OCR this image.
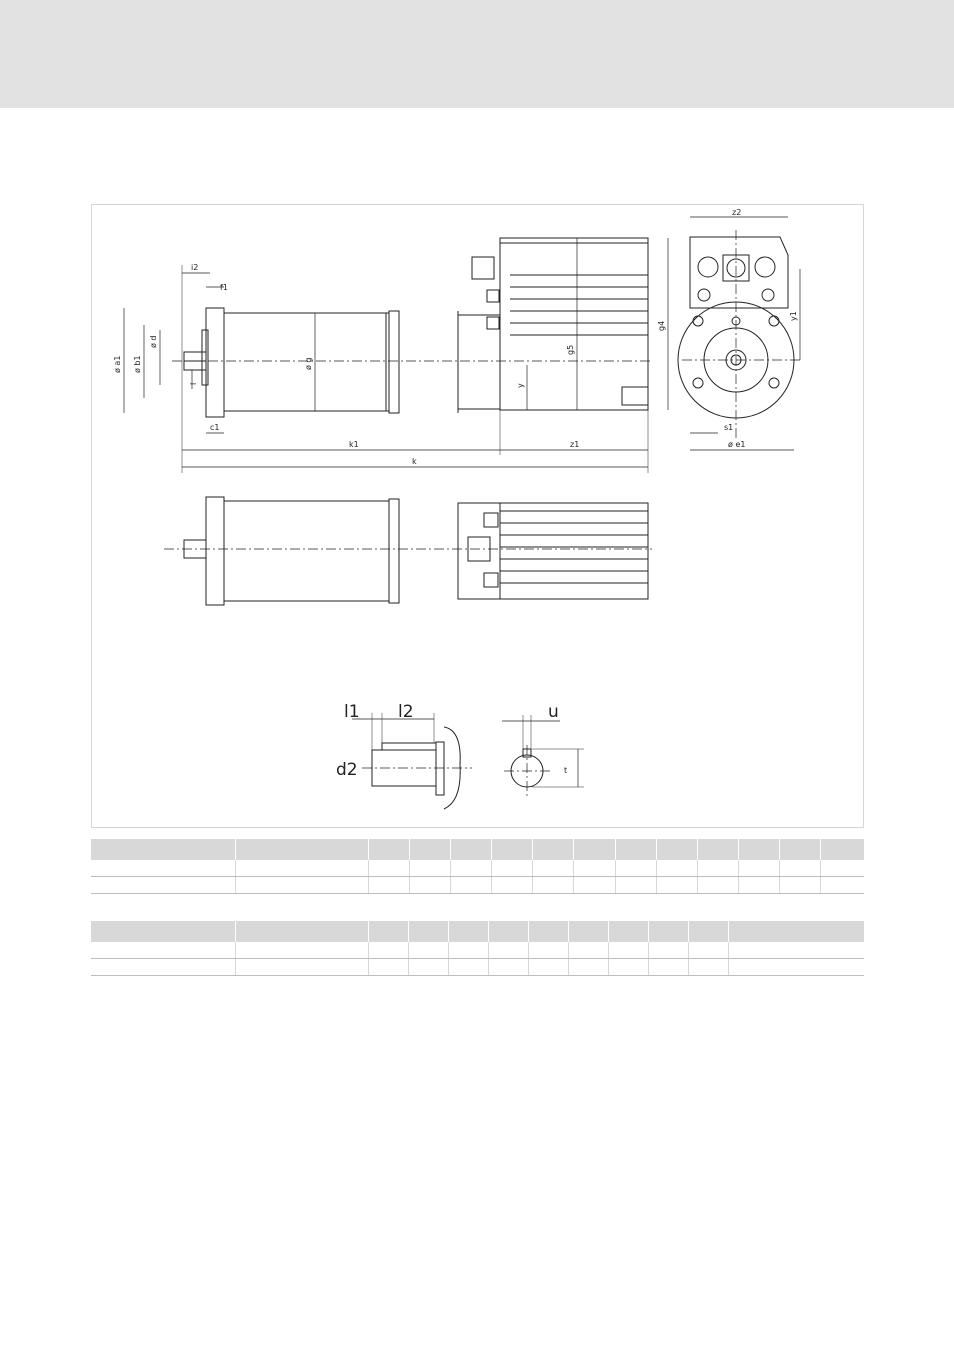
i2
f1
ø a1 ø b1
ø d
l
ø g
g5
g4
y
c1
k1	z1
k
z2
y1
s1
ø e1
l1 l2	u
d2	t
